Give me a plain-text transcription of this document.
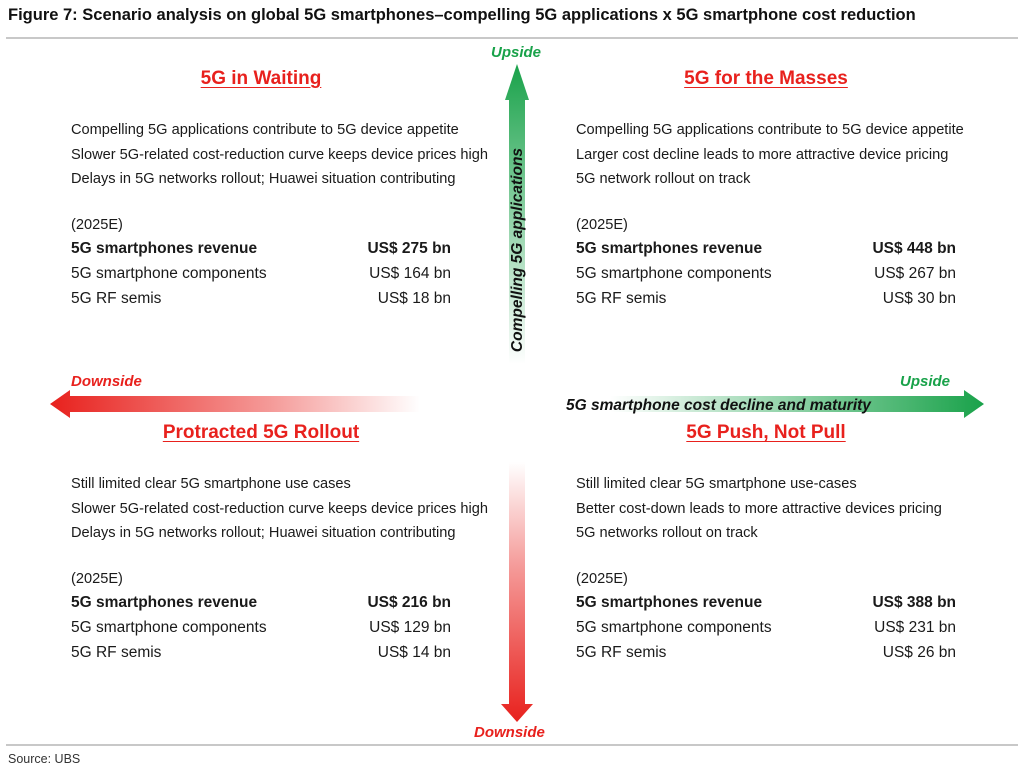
Figure 7: Scenario analysis on global 5G smartphones–compelling 5G applications x 5G smartphone cost reduction
Upside
Downside
Downside	Upside
5G smartphone cost decline and maturity
Compelling 5G applications
5G in Waiting
Compelling 5G applications contribute to 5G device appetite
Slower 5G-related cost-reduction curve keeps device prices high
Delays in 5G networks rollout; Huawei situation contributing
(2025E)
5G smartphones revenue	US$ 275 bn
5G smartphone components	US$ 164 bn
5G RF semis	US$ 18 bn
5G for the Masses
Compelling 5G applications contribute to 5G device appetite
Larger cost decline leads to more attractive device pricing
5G network rollout on track
(2025E)
5G smartphones revenue	US$ 448 bn
5G smartphone components	US$ 267 bn
5G RF semis	US$ 30 bn
Protracted 5G Rollout
Still limited clear 5G smartphone use cases
Slower 5G-related cost-reduction curve keeps device prices high
Delays in 5G networks rollout; Huawei situation contributing
(2025E)
5G smartphones revenue	US$ 216 bn
5G smartphone components	US$ 129 bn
5G RF semis	US$ 14 bn
5G Push, Not Pull
Still limited clear 5G smartphone use-cases
Better cost-down leads to more attractive devices pricing
5G networks rollout on track
(2025E)
5G smartphones revenue	US$ 388 bn
5G smartphone components	US$ 231 bn
5G RF semis	US$ 26 bn
Source: UBS
